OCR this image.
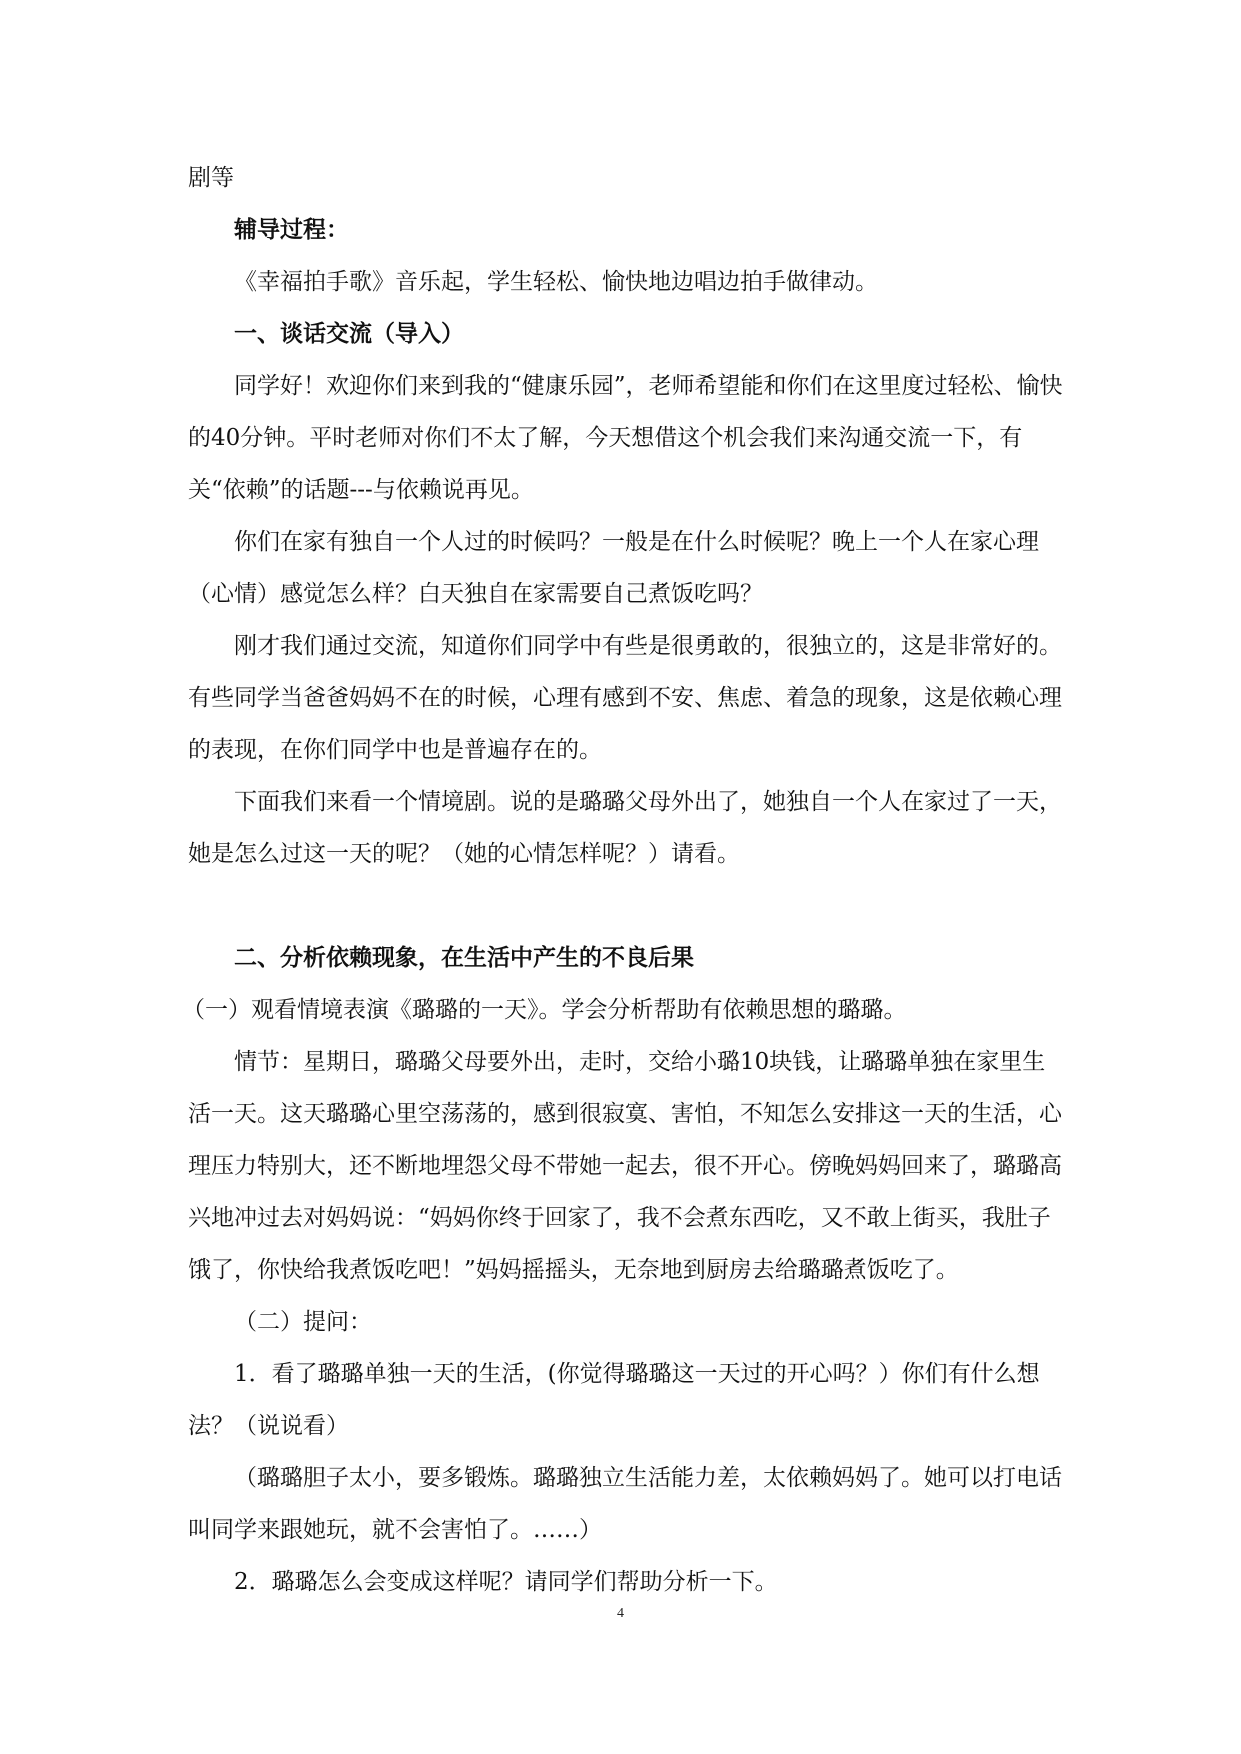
剧等

辅导过程：

《幸福拍手歌》音乐起，学生轻松、愉快地边唱边拍手做律动。

一、谈话交流（导入）

同学好！欢迎你们来到我的“健康乐园”，老师希望能和你们在这里度过轻松、愉快的40分钟。平时老师对你们不太了解，今天想借这个机会我们来沟通交流一下，有关“依赖”的话题---与依赖说再见。

你们在家有独自一个人过的时候吗？一般是在什么时候呢？晚上一个人在家心理（心情）感觉怎么样？白天独自在家需要自己煮饭吃吗？

刚才我们通过交流，知道你们同学中有些是很勇敢的，很独立的，这是非常好的。有些同学当爸爸妈妈不在的时候，心理有感到不安、焦虑、着急的现象，这是依赖心理的表现，在你们同学中也是普遍存在的。

下面我们来看一个情境剧。说的是璐璐父母外出了，她独自一个人在家过了一天，她是怎么过这一天的呢？（她的心情怎样呢？）请看。

二、分析依赖现象，在生活中产生的不良后果

（一）观看情境表演《璐璐的一天》。学会分析帮助有依赖思想的璐璐。

情节：星期日，璐璐父母要外出，走时，交给小璐10块钱，让璐璐单独在家里生活一天。这天璐璐心里空荡荡的，感到很寂寞、害怕，不知怎么安排这一天的生活，心理压力特别大，还不断地埋怨父母不带她一起去，很不开心。傍晚妈妈回来了，璐璐高兴地冲过去对妈妈说：“妈妈你终于回家了，我不会煮东西吃，又不敢上街买，我肚子饿了，你快给我煮饭吃吧！”妈妈摇摇头，无奈地到厨房去给璐璐煮饭吃了。

（二）提问：

1．看了璐璐单独一天的生活，(你觉得璐璐这一天过的开心吗？）你们有什么想法？（说说看）

（璐璐胆子太小，要多锻炼。璐璐独立生活能力差，太依赖妈妈了。她可以打电话叫同学来跟她玩，就不会害怕了。……）

2．璐璐怎么会变成这样呢？请同学们帮助分析一下。

4
